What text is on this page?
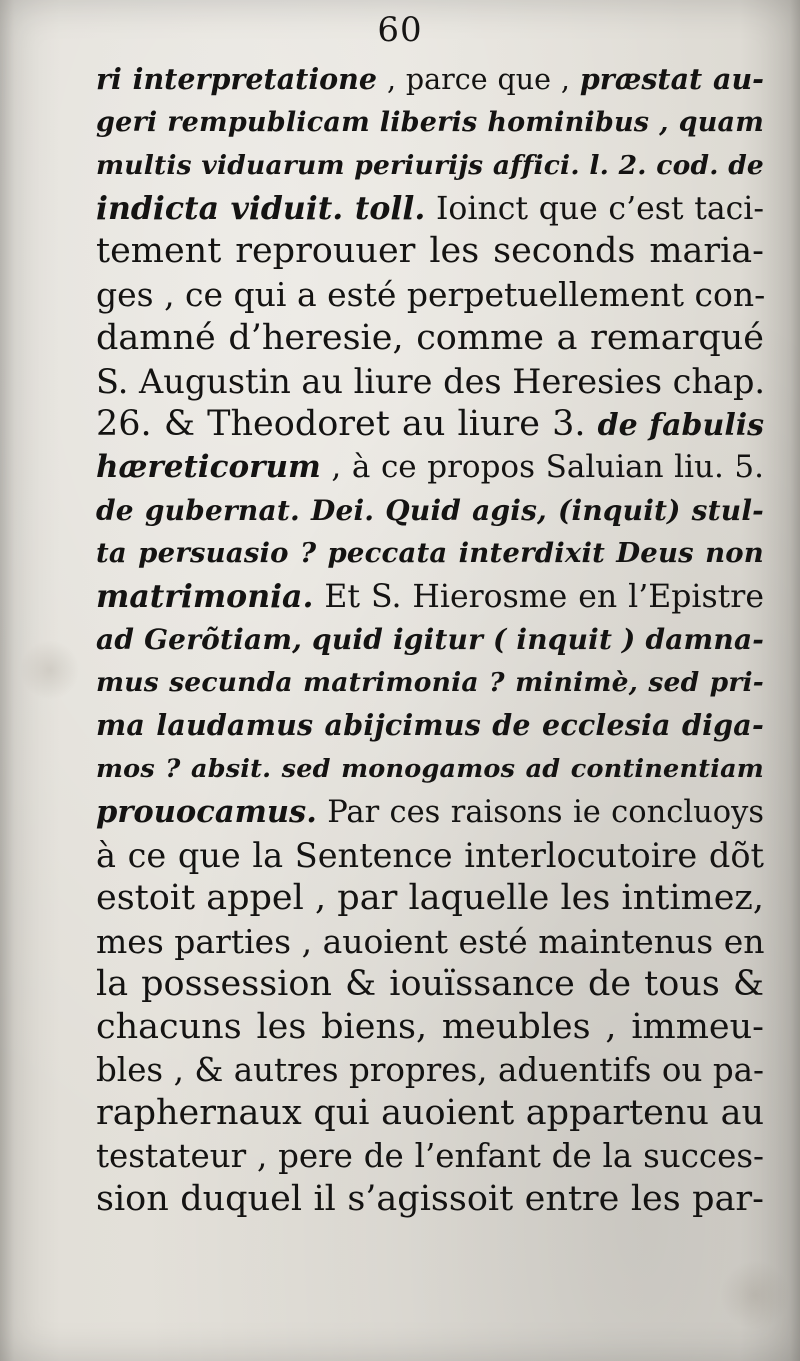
60
ri interpretatione , parce que , præstat au-
geri rempublicam liberis hominibus , quam
multis viduarum periurijs affici. l. 2. cod. de
indicta viduit. toll. Ioinct que c’est taci-
tement reprouuer les seconds maria-
ges , ce qui a esté perpetuellement con-
damné d’heresie, comme a remarqué
S. Augustin au liure des Heresies chap.
26. & Theodoret au liure 3. de fabulis
hæreticorum , à ce propos Saluian liu. 5.
de gubernat. Dei. Quid agis, (inquit) stul-
ta persuasio ? peccata interdixit Deus non
matrimonia. Et S. Hierosme en l’Epistre
ad Gerõtiam, quid igitur ( inquit ) damna-
mus secunda matrimonia ? minimè, sed pri-
ma laudamus abijcimus de ecclesia diga-
mos ? absit. sed monogamos ad continentiam
prouocamus. Par ces raisons ie concluoys
à ce que la Sentence interlocutoire dõt
estoit appel , par laquelle les intimez,
mes parties , auoient esté maintenus en
la possession & iouïssance de tous &
chacuns les biens, meubles , immeu-
bles , & autres propres, aduentifs ou pa-
raphernaux qui auoient appartenu au
testateur , pere de l’enfant de la succes-
sion duquel il s’agissoit entre les par-
